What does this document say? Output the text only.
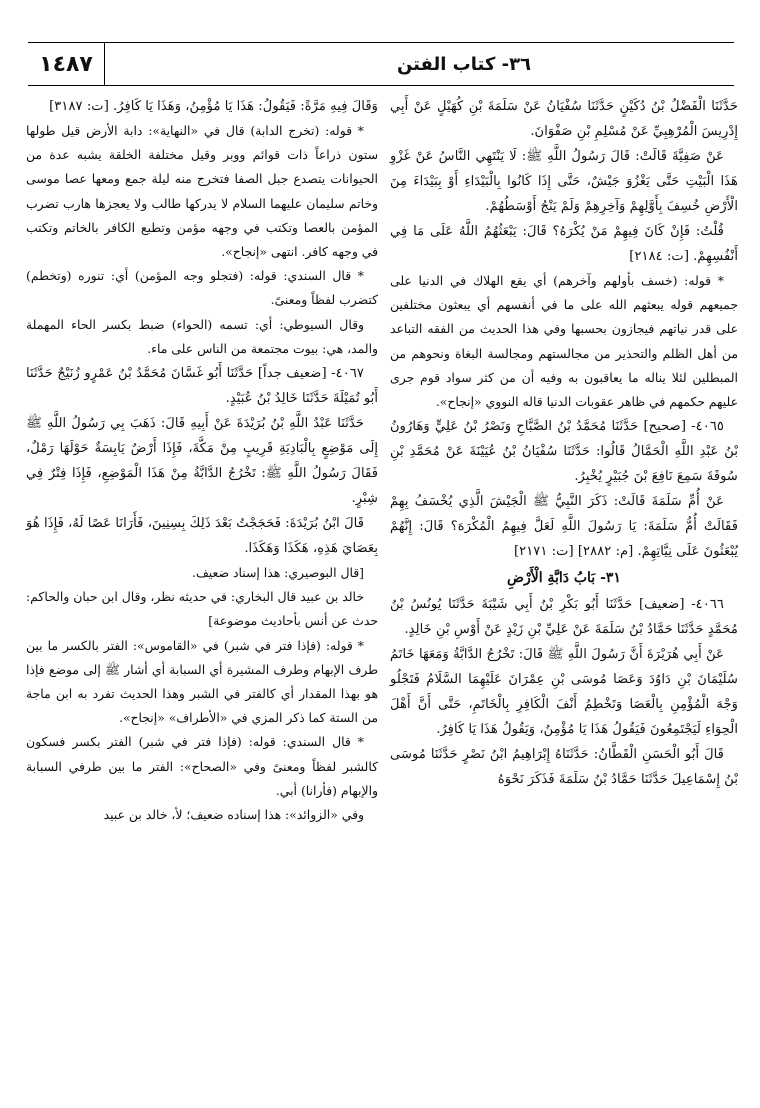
١٤٨٧	٣٦- كتاب الفتن

حَدَّثَنَا الْفَضْلُ بْنُ دُكَيْنٍ حَدَّثَنَا سُفْيَانُ عَنْ سَلَمَةَ بْنِ كُهَيْلٍ عَنْ أَبِي إِدْرِيسَ الْمُرْهِبِيِّ عَنْ مُسْلِمِ بْنِ صَفْوَانَ.

عَنْ صَفِيَّةَ قَالَتْ: قَالَ رَسُولُ اللَّهِ ﷺ: لَا يَنْتَهِي النَّاسُ عَنْ غَزْوِ هَذَا الْبَيْتِ حَتَّى يَغْزُوَ جَيْشٌ، حَتَّى إِذَا كَانُوا بِالْبَيْدَاءِ أَوْ بِبَيْدَاءَ مِنَ الْأَرْضِ خُسِفَ بِأَوَّلِهِمْ وَآخِرِهِمْ وَلَمْ يَنْجُ أَوْسَطُهُمْ.

قُلْتُ: فَإِنْ كَانَ فِيهِمْ مَنْ يُكْرَهُ؟ قَالَ: يَبْعَثُهُمُ اللَّهُ عَلَى مَا فِي أَنْفُسِهِمْ. [ت: ٢١٨٤]

* قوله: (خسف بأولهم وآخرهم) أي يقع الهلاك في الدنيا على جميعهم قوله يبعثهم الله على ما في أنفسهم أي يبعثون مختلفين على قدر نياتهم فيجازون بحسبها وفي هذا الحديث من الفقه التباعد من أهل الظلم والتحذير من مجالستهم ومجالسة البغاة ونحوهم من المبطلين لئلا يناله ما يعاقبون به وفيه أن من كثر سواد قوم جرى عليهم حكمهم في ظاهر عقوبات الدنيا قاله النووي «إنجاح».

٤٠٦٥- [صحيح] حَدَّثَنَا مُحَمَّدُ بْنُ الصَّبَّاحِ وَنَصْرُ بْنُ عَلِيٍّ وَهَارُونُ بْنُ عَبْدِ اللَّهِ الْحَمَّالُ قَالُوا: حَدَّثَنَا سُفْيَانُ بْنُ عُيَيْنَةَ عَنْ مُحَمَّدِ بْنِ سُوقَةَ سَمِعَ نَافِعَ بْنَ جُبَيْرٍ يُخْبِرُ.

عَنْ أُمِّ سَلَمَةَ قَالَتْ: ذَكَرَ النَّبِيُّ ﷺ الْجَيْشَ الَّذِي يُخْسَفُ بِهِمْ فَقَالَتْ أُمُّ سَلَمَةَ: يَا رَسُولَ اللَّهِ لَعَلَّ فِيهِمُ الْمُكْرَهَ؟ قَالَ: إِنَّهُمْ يُبْعَثُونَ عَلَى نِيَّاتِهِمْ. [م: ٢٨٨٢] [ت: ٢١٧١]

٣١- بَابُ دَابَّةِ الْأَرْضِ

٤٠٦٦- [ضعيف] حَدَّثَنَا أَبُو بَكْرِ بْنُ أَبِي شَيْبَةَ حَدَّثَنَا يُونُسُ بْنُ مُحَمَّدٍ حَدَّثَنَا حَمَّادُ بْنُ سَلَمَةَ عَنْ عَلِيِّ بْنِ زَيْدٍ عَنْ أَوْسِ بْنِ خَالِدٍ.

عَنْ أَبِي هُرَيْرَةَ أَنَّ رَسُولَ اللَّهِ ﷺ قَالَ: تَخْرُجُ الدَّابَّةُ وَمَعَهَا خَاتَمُ سُلَيْمَانَ بْنِ دَاوُدَ وَعَصَا مُوسَى بْنِ عِمْرَانَ عَلَيْهِمَا السَّلَامُ فَتَجْلُو وَجْهَ الْمُؤْمِنِ بِالْعَصَا وَتَخْطِمُ أَنْفَ الْكَافِرِ بِالْخَاتَمِ، حَتَّى أَنَّ أَهْلَ الْحِوَاءِ لَيَجْتَمِعُونَ فَيَقُولُ هَذَا يَا مُؤْمِنُ، وَيَقُولُ هَذَا يَا كَافِرُ.

قَالَ أَبُو الْحَسَنِ الْقَطَّانُ: حَدَّثَنَاهُ إِبْرَاهِيمُ ابْنُ نَصْرٍ حَدَّثَنَا مُوسَى بْنُ إِسْمَاعِيلَ حَدَّثَنَا حَمَّادُ بْنُ سَلَمَةَ فَذَكَرَ نَحْوَهُ

وَقَالَ فِيهِ مَرَّةً: فَيَقُولُ: هَذَا يَا مُؤْمِنُ، وَهَذَا يَا كَافِرُ. [ت: ٣١٨٧]

* قوله: (تخرج الدابة) قال في «النهاية»: دابة الأرض قيل طولها ستون ذراعاً ذات قوائم ووبر وقيل مختلفة الخلقة يشبه عدة من الحيوانات يتصدع جبل الصفا فتخرج منه ليلة جمع ومعها عصا موسى وخاتم سليمان عليهما السلام لا يدركها طالب ولا يعجزها هارب تضرب المؤمن بالعصا وتكتب في وجهه مؤمن وتطبع الكافر بالخاتم وتكتب في وجهه كافر. انتهى «إنجاح».

* قال السندي: قوله: (فتجلو وجه المؤمن) أي: تنوره (وتخطم) كتضرب لفظاً ومعنىً.

وقال السيوطي: أي: تسمه (الحواء) ضبط بكسر الحاء المهملة والمد، هي: بيوت مجتمعة من الناس على ماء.

٤٠٦٧- [ضعيف جداً] حَدَّثَنَا أَبُو غَسَّانَ مُحَمَّدُ بْنُ عَمْرٍو زُنَيْجٌ حَدَّثَنَا أَبُو تُمَيْلَةَ حَدَّثَنَا خَالِدُ بْنُ عُبَيْدٍ.

حَدَّثَنَا عَبْدُ اللَّهِ بْنُ بُرَيْدَةَ عَنْ أَبِيهِ قَالَ: ذَهَبَ بِي رَسُولُ اللَّهِ ﷺ إِلَى مَوْضِعٍ بِالْبَادِيَةِ قَرِيبٍ مِنْ مَكَّةَ، فَإِذَا أَرْضٌ يَابِسَةٌ حَوْلَهَا رَمْلٌ، فَقَالَ رَسُولُ اللَّهِ ﷺ: تَخْرُجُ الدَّابَّةُ مِنْ هَذَا الْمَوْضِعِ، فَإِذَا فِتْرٌ فِي شِبْرٍ.

قَالَ ابْنُ بُرَيْدَةَ: فَحَجَجْتُ بَعْدَ ذَلِكَ بِسِنِينَ، فَأَرَانَا عَصًا لَهُ، فَإِذَا هُوَ بِعَصَايَ هَذِهِ، هَكَذَا وَهَكَذَا.

[قال البوصيري: هذا إسناد ضعيف.

خالد بن عبيد قال البخاري: في حديثه نظر، وقال ابن حبان والحاكم: حدث عن أنس بأحاديث موضوعة]

* قوله: (فإذا فتر في شبر) في «القاموس»: الفتر بالكسر ما بين طرف الإبهام وطرف المشيرة أي السبابة أي أشار ﷺ إلى موضع فإذا هو بهذا المقدار أي كالفتر في الشبر وهذا الحديث تفرد به ابن ماجة من الستة كما ذكر المزي في «الأطراف» «إنجاح».

* قال السندي: قوله: (فإذا فتر في شبر) الفتر بكسر فسكون كالشبر لفظاً ومعنىً وفي «الصحاح»: الفتر ما بين طرفي السبابة والإبهام (فأرانا) أبي.

وفي «الزوائد»: هذا إسناده ضعيف؛ لأ، خالد بن عبيد
